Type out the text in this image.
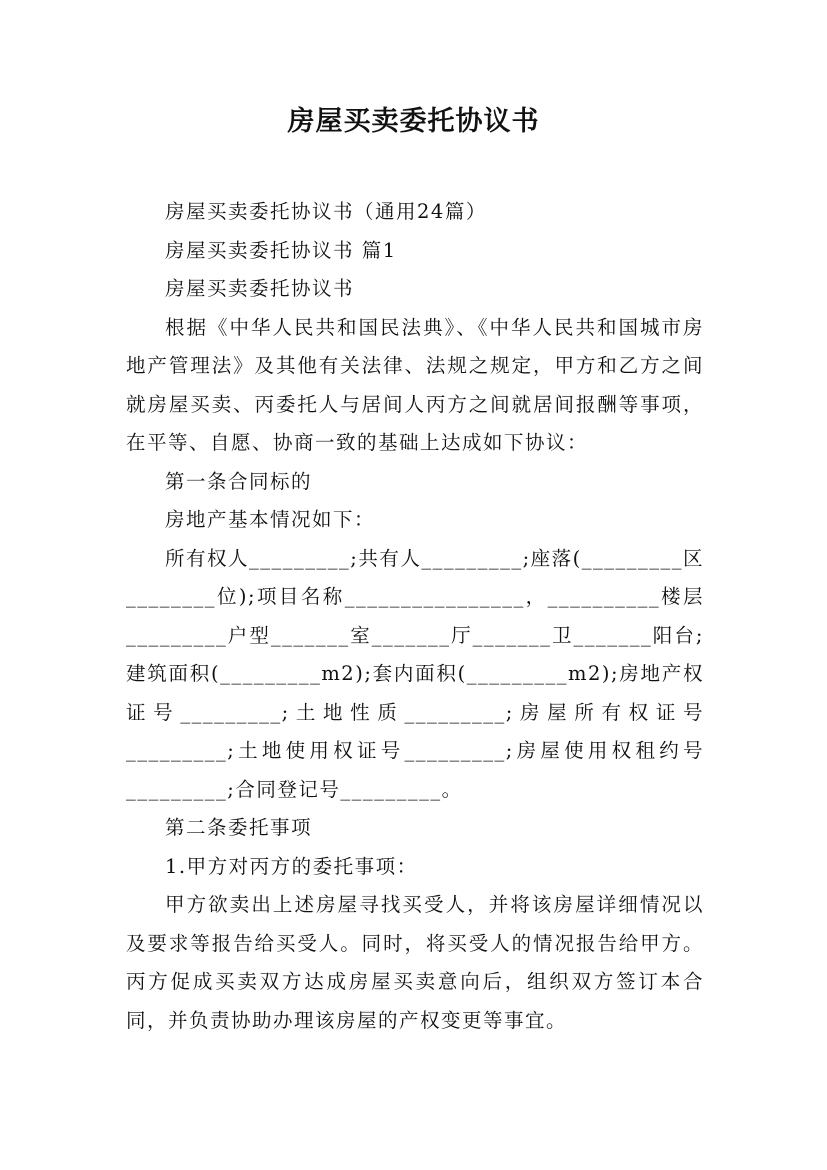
房屋买卖委托协议书

房屋买卖委托协议书（通用24篇）

房屋买卖委托协议书 篇1

房屋买卖委托协议书

根据《中华人民共和国民法典》、《中华人民共和国城市房地产管理法》及其他有关法律、法规之规定，甲方和乙方之间就房屋买卖、丙委托人与居间人丙方之间就居间报酬等事项，在平等、自愿、协商一致的基础上达成如下协议：

第一条合同标的

房地产基本情况如下：

所有权人_________;共有人_________;座落(_________区________位);项目名称________________，__________楼层_________户型_______室_______厅_______卫_______阳台;建筑面积(_________m2);套内面积(_________m2);房地产权证号_________;土地性质_________;房屋所有权证号_________;土地使用权证号_________;房屋使用权租约号_________;合同登记号_________。

第二条委托事项

1.甲方对丙方的委托事项：

甲方欲卖出上述房屋寻找买受人，并将该房屋详细情况以及要求等报告给买受人。同时，将买受人的情况报告给甲方。丙方促成买卖双方达成房屋买卖意向后，组织双方签订本合同，并负责协助办理该房屋的产权变更等事宜。
